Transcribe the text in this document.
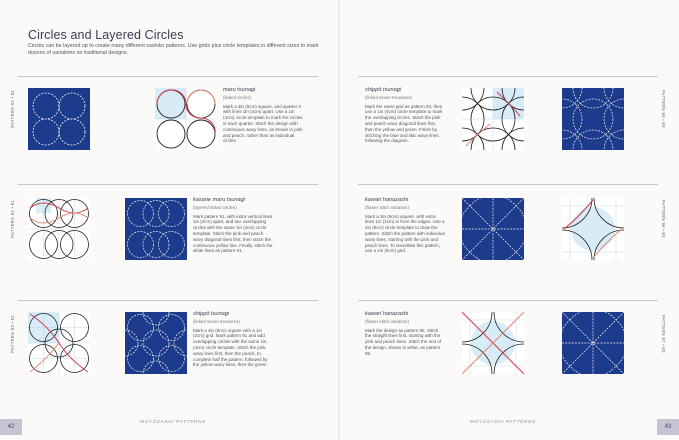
Circles and Layered Circles
Circles can be layered up to create many different sashiko patterns. Use grids plus circle templates in different sizes to mark dozens of variations on traditional designs.
PATTERN 91 • 81
PATTERN 92 • 81
PATTERN 93 • 81
PATTERN 95 • 83
PATTERN 96 • 83
PATTERN 97 • 83
maru tsunagi
(linked circles)
Mark a 3in (8cm) square, and quarter it with lines 1in (4cm) apart. Use a 1in (4cm) circle template to mark the circles in each quarter. Stitch the design with continuous wavy lines, as shown in pink and peach, rather than as individual circles.
kasane maru tsunagi
(layered linked circles)
Mark pattern 91, with extra vertical lines 1in (2cm) apart, and two overlapping circles with the same 1in (4cm) circle template. Stitch the pink and peach wavy diagonal lines first, then stitch the continuous yellow line. Finally, stitch the white lines as pattern 91.
shippō tsunagi
(linked seven treasures)
Mark a 3in (8cm) square with a 1in (2cm) grid. Mark pattern 91 and add overlapping circles with the same 1in (4cm) circle template. Stitch the pink wavy lines first, then the peach, to complete half the pattern, followed by the yellow wavy lines, then the green.
shippō tsunagi
(linked seven treasures)
Mark the same grid as pattern 93, then use a 1in (4cm) circle template to mark the overlapping circles. Stitch the pink and peach wavy diagonal lines first, then the yellow and green. Finish by stitching the blue and lilac wavy lines, following the diagram.
kawari hanazashi
(flower stitch variation)
Mark a 3in (8cm) square, with extra lines 1in (2cm) in from the edges. Use a 2in (5cm) circle template to draw the pattern. Stitch the pattern with individual wavy lines, starting with the pink and peach lines. To tessellate this pattern, use a 2in (5cm) grid.
kawari hanazashi
(flower stitch variation)
Mark the design as pattern 96. Stitch the straight lines first, starting with the pink and peach lines. Stitch the rest of the design, shown in white, as pattern 95.
42
MOYOZASHI PATTERNS	MOYOZASHI PATTERNS
43
